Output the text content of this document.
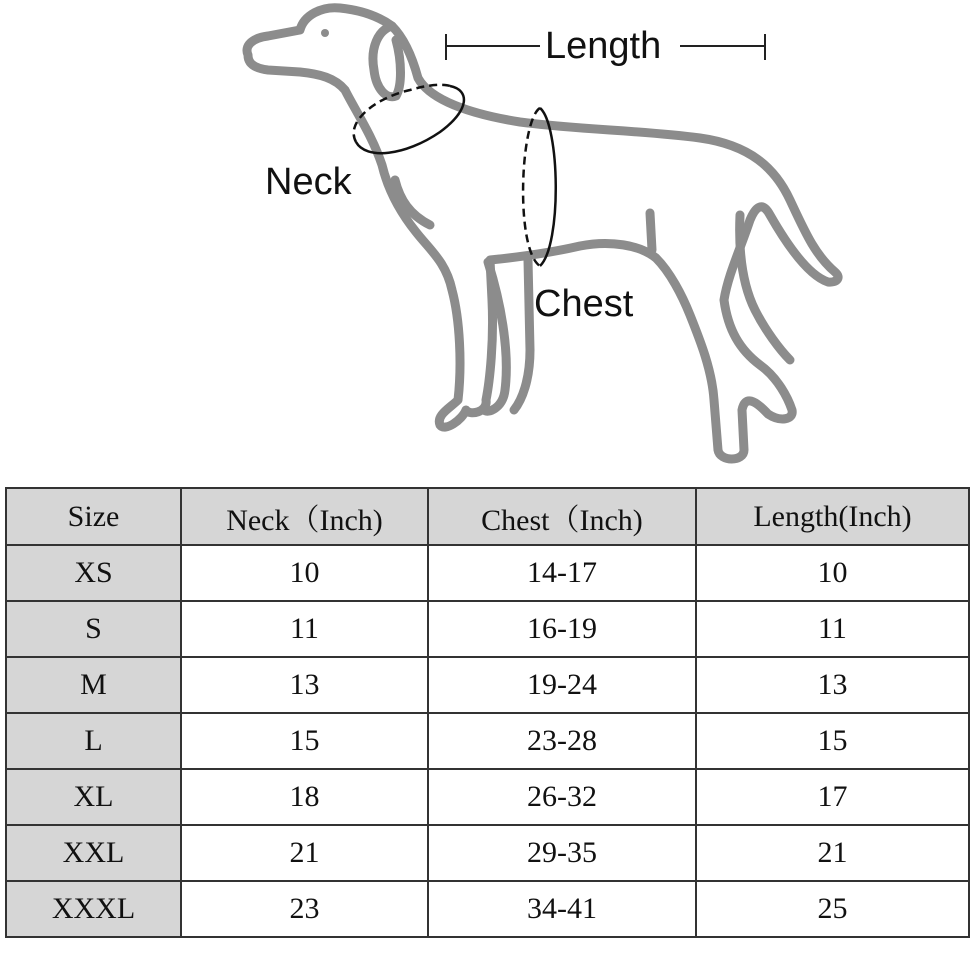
Length
Neck
Chest
Size	Neck（Inch)	Chest（Inch)	Length(Inch)
XS	10	14-17	10
S	11	16-19	11
M	13	19-24	13
L	15	23-28	15
XL	18	26-32	17
XXL	21	29-35	21
XXXL	23	34-41	25
